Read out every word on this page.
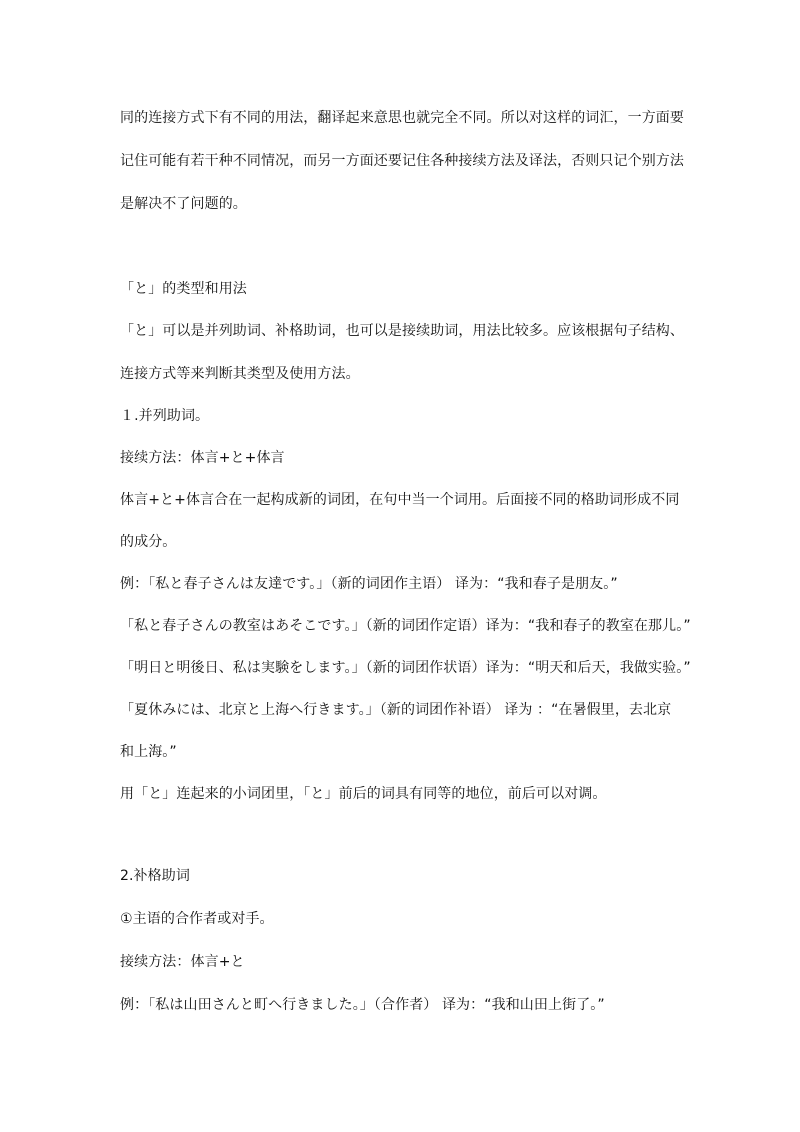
同的连接方式下有不同的用法，翻译起来意思也就完全不同。所以对这样的词汇，一方面要
记住可能有若干种不同情况，而另一方面还要记住各种接续方法及译法，否则只记个别方法
是解决不了问题的。
「と」的类型和用法
「と」可以是并列助词、补格助词，也可以是接续助词，用法比较多。应该根据句子结构、
连接方式等来判断其类型及使用方法。
１.并列助词。
接续方法：体言+と+体言
体言+と+体言合在一起构成新的词团，在句中当一个词用。后面接不同的格助词形成不同
的成分。
例：「私と春子さんは友達です。」（新的词团作主语） 译为：“我和春子是朋友。”
「私と春子さんの教室はあそこです。」（新的词团作定语）译为：“我和春子的教室在那儿。”
「明日と明後日、私は実験をします。」（新的词团作状语）译为：“明天和后天，我做实验。”
「夏休みには、北京と上海へ行きます。」（新的词团作补语） 译为 ：“在暑假里，去北京
和上海。”
用「と」连起来的小词团里，「と」前后的词具有同等的地位，前后可以对调。
2.补格助词
①主语的合作者或对手。
接续方法：体言+と
例：「私は山田さんと町へ行きました。」（合作者） 译为：“我和山田上街了。”
